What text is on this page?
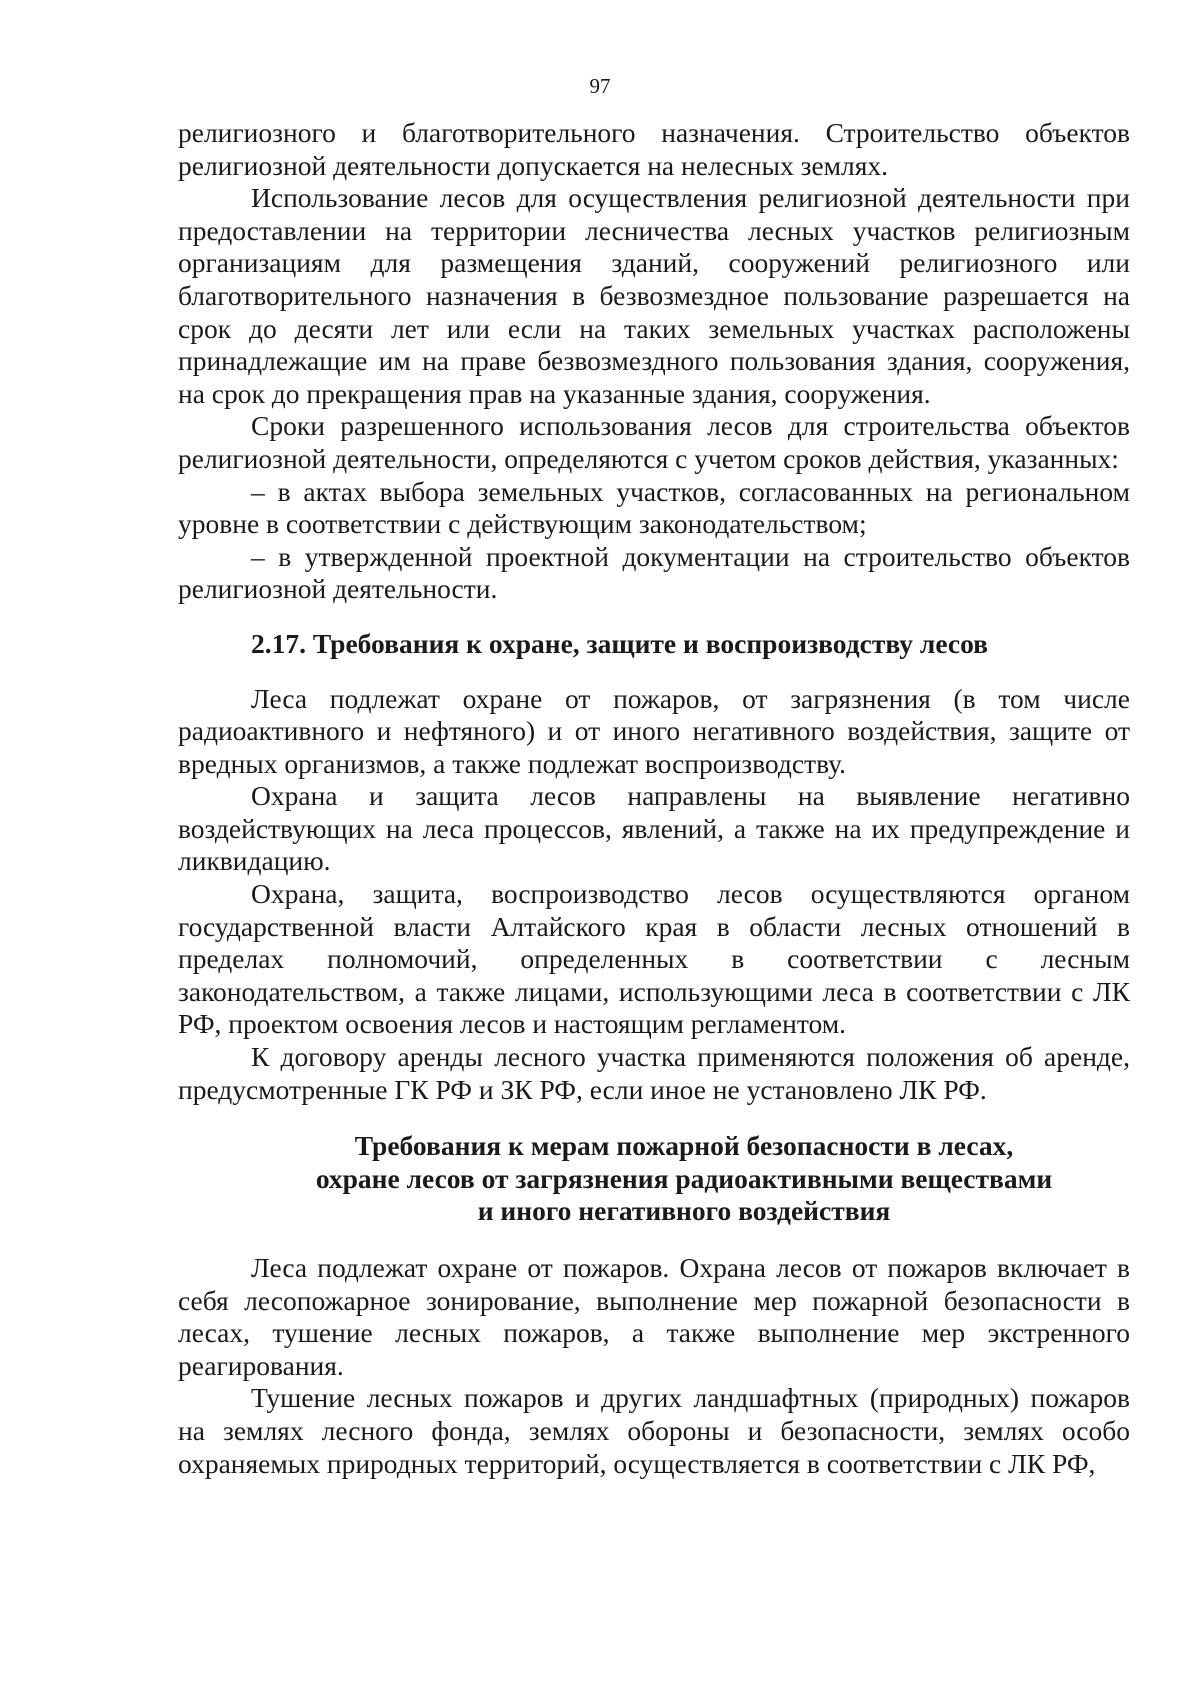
97

религиозного и благотворительного назначения. Строительство объектов религиозной деятельности допускается на нелесных землях.

Использование лесов для осуществления религиозной деятельности при предоставлении на территории лесничества лесных участков религиозным организациям для размещения зданий, сооружений религиозного или благотворительного назначения в безвозмездное пользование разрешается на срок до десяти лет или если на таких земельных участках расположены принадлежащие им на праве безвозмездного пользования здания, сооружения, на срок до прекращения прав на указанные здания, сооружения.

Сроки разрешенного использования лесов для строительства объектов религиозной деятельности, определяются с учетом сроков действия, указанных:

– в актах выбора земельных участков, согласованных на региональном уровне в соответствии с действующим законодательством;

– в утвержденной проектной документации на строительство объектов религиозной деятельности.

2.17. Требования к охране, защите и воспроизводству лесов

Леса подлежат охране от пожаров, от загрязнения (в том числе радиоактивного и нефтяного) и от иного негативного воздействия, защите от вредных организмов, а также подлежат воспроизводству.

Охрана и защита лесов направлены на выявление негативно воздействующих на леса процессов, явлений, а также на их предупреждение и ликвидацию.

Охрана, защита, воспроизводство лесов осуществляются органом государственной власти Алтайского края в области лесных отношений в пределах полномочий, определенных в соответствии с лесным законодательством, а также лицами, использующими леса в соответствии с ЛК РФ, проектом освоения лесов и настоящим регламентом.

К договору аренды лесного участка применяются положения об аренде, предусмотренные ГК РФ и ЗК РФ, если иное не установлено ЛК РФ.

Требования к мерам пожарной безопасности в лесах,
охране лесов от загрязнения радиоактивными веществами
и иного негативного воздействия

Леса подлежат охране от пожаров. Охрана лесов от пожаров включает в себя лесопожарное зонирование, выполнение мер пожарной безопасности в лесах, тушение лесных пожаров, а также выполнение мер экстренного реагирования.

Тушение лесных пожаров и других ландшафтных (природных) пожаров на землях лесного фонда, землях обороны и безопасности, землях особо охраняемых природных территорий, осуществляется в соответствии с ЛК РФ,
